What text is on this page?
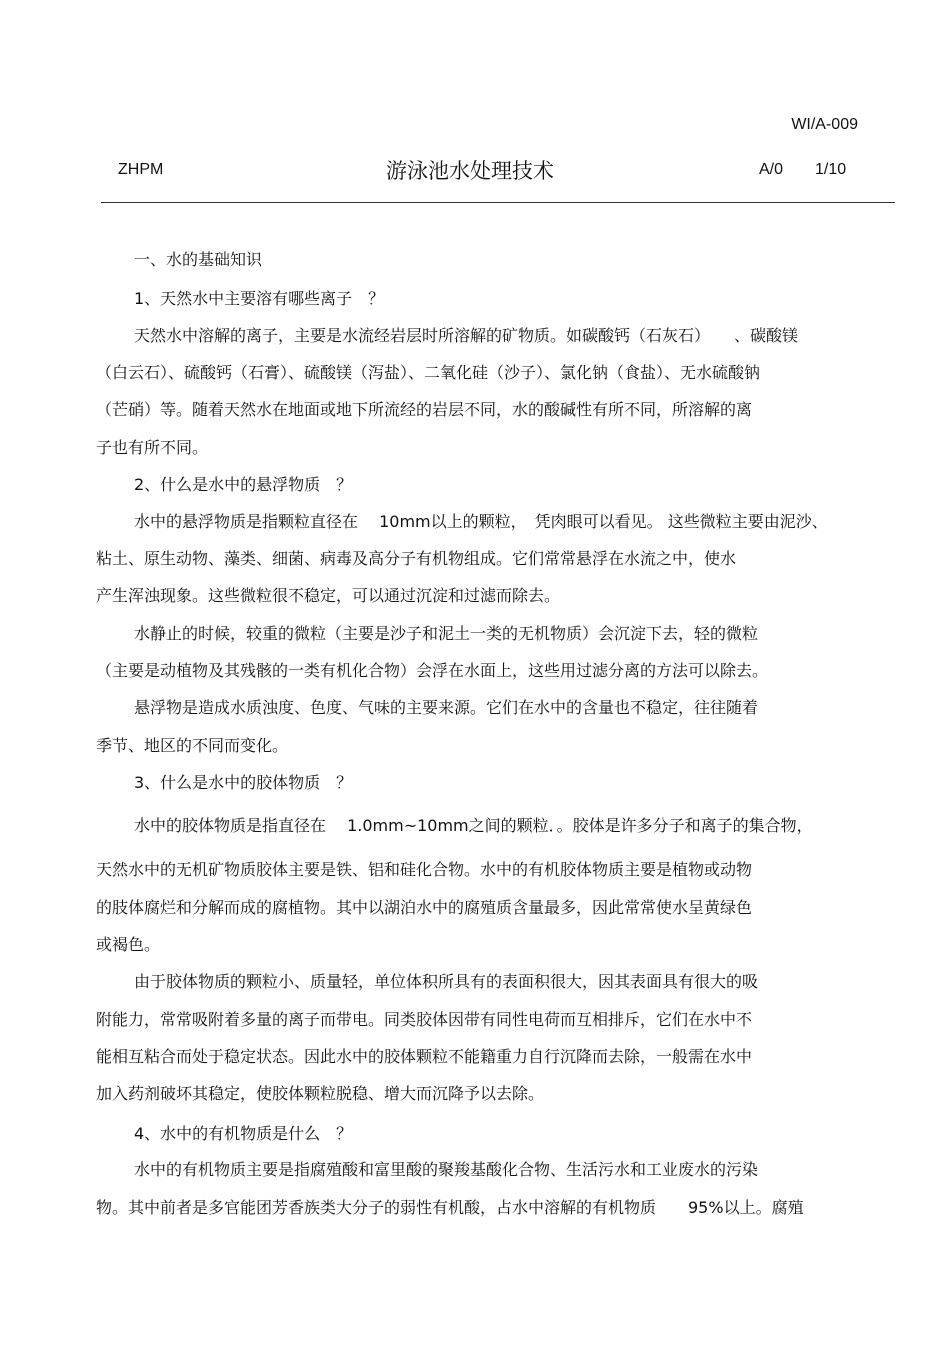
WI/A-009
ZHPM	游泳池水处理技术	A/0 1/10
一、水的基础知识
1、天然水中主要溶有哪些离子　？
天然水中溶解的离子，主要是水流经岩层时所溶解的矿物质。如碳酸钙（石灰石）　　、碳酸镁
（白云石）、硫酸钙（石膏）、硫酸镁（泻盐）、二氧化硅（沙子）、氯化钠（食盐）、无水硫酸钠
（芒硝）等。随着天然水在地面或地下所流经的岩层不同，水的酸碱性有所不同，所溶解的离
子也有所不同。
2、什么是水中的悬浮物质　？
水中的悬浮物质是指颗粒直径在　 10mm以上的颗粒，　凭肉眼可以看见。 这些微粒主要由泥沙、
粘土、原生动物、藻类、细菌、病毒及高分子有机物组成。它们常常悬浮在水流之中，使水
产生浑浊现象。这些微粒很不稳定，可以通过沉淀和过滤而除去。
水静止的时候，较重的微粒（主要是沙子和泥土一类的无机物质）会沉淀下去，轻的微粒
（主要是动植物及其残骸的一类有机化合物）会浮在水面上，这些用过滤分离的方法可以除去。
悬浮物是造成水质浊度、色度、气味的主要来源。它们在水中的含量也不稳定，往往随着
季节、地区的不同而变化。
3、什么是水中的胶体物质　？
水中的胶体物质是指直径在　 1.0mm~10mm之间的颗粒．。胶体是许多分子和离子的集合物，
天然水中的无机矿物质胶体主要是铁、铝和硅化合物。水中的有机胶体物质主要是植物或动物
的肢体腐烂和分解而成的腐植物。其中以湖泊水中的腐殖质含量最多，因此常常使水呈黄绿色
或褐色。
由于胶体物质的颗粒小、质量轻，单位体积所具有的表面积很大，因其表面具有很大的吸
附能力，常常吸附着多量的离子而带电。同类胶体因带有同性电荷而互相排斥，它们在水中不
能相互粘合而处于稳定状态。因此水中的胶体颗粒不能籍重力自行沉降而去除，一般需在水中
加入药剂破坏其稳定，使胶体颗粒脱稳、增大而沉降予以去除。
4、水中的有机物质是什么　？
水中的有机物质主要是指腐殖酸和富里酸的聚羧基酸化合物、生活污水和工业废水的污染
物。其中前者是多官能团芳香族类大分子的弱性有机酸，占水中溶解的有机物质　　95%以上。腐殖
